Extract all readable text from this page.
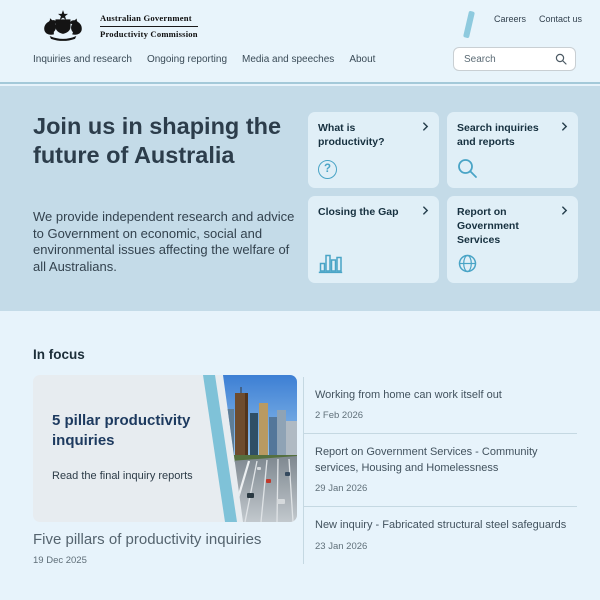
Australian Government
Productivity Commission
Careers Contact us
Inquiries and research Ongoing reporting Media and speeches About
Search
Join us in shaping the future of Australia

We provide independent research and advice to Government on economic, social and environmental issues affecting the welfare of all Australians.

What is productivity?
?
Search inquiries and reports
Closing the Gap	Report on Government Services
In focus
5 pillar productivity inquiries
Read the final inquiry reports
Five pillars of productivity inquiries
19 Dec 2025
Working from home can work itself out
2 Feb 2026
Report on Government Services - Community services, Housing and Homelessness
29 Jan 2026
New inquiry - Fabricated structural steel safeguards
23 Jan 2026
